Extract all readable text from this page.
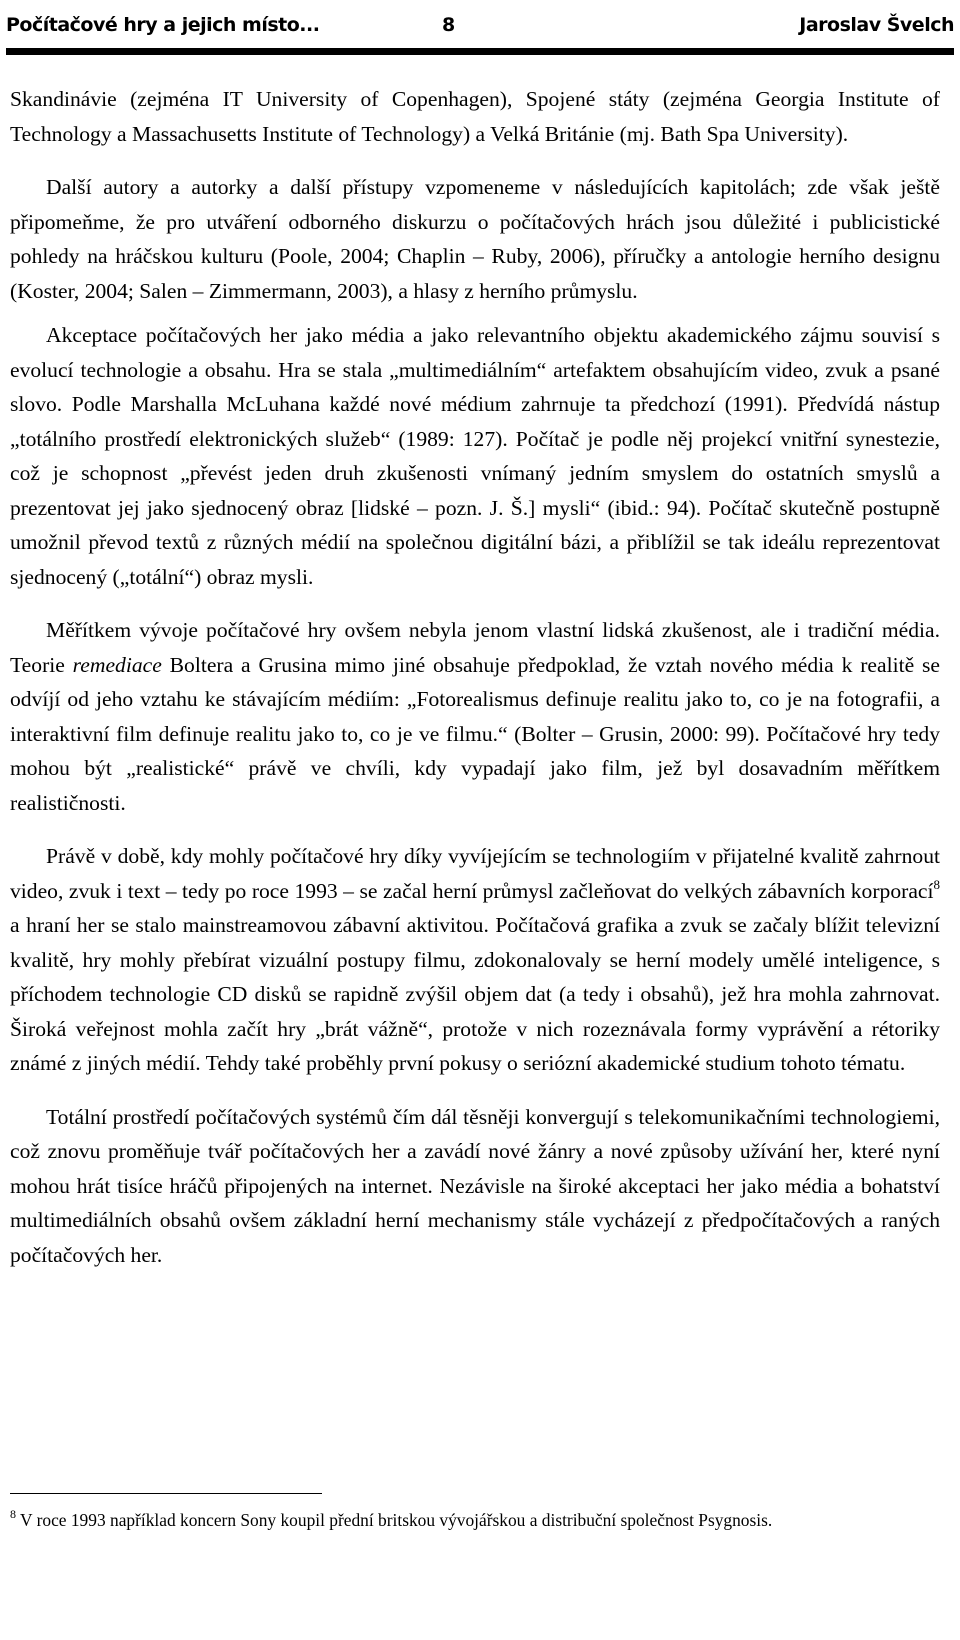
Počítačové hry a jejich místo...	8	Jaroslav Švelch

Skandinávie (zejména IT University of Copenhagen), Spojené státy (zejména Georgia Institute of Technology a Massachusetts Institute of Technology) a Velká Británie (mj. Bath Spa University).

Další autory a autorky a další přístupy vzpomeneme v následujících kapitolách; zde však ještě připomeňme, že pro utváření odborného diskurzu o počítačových hrách jsou důležité i publicistické pohledy na hráčskou kulturu (Poole, 2004; Chaplin – Ruby, 2006), příručky a antologie herního designu (Koster, 2004; Salen – Zimmermann, 2003), a hlasy z herního průmyslu.

Akceptace počítačových her jako média a jako relevantního objektu akademického zájmu souvisí s evolucí technologie a obsahu. Hra se stala „multimediálním“ artefaktem obsahujícím video, zvuk a psané slovo. Podle Marshalla McLuhana každé nové médium zahrnuje ta předchozí (1991). Předvídá nástup „totálního prostředí elektronických služeb“ (1989: 127). Počítač je podle něj projekcí vnitřní synestezie, což je schopnost „převést jeden druh zkušenosti vnímaný jedním smyslem do ostatních smyslů a prezentovat jej jako sjednocený obraz [lidské – pozn. J. Š.] mysli“ (ibid.: 94). Počítač skutečně postupně umožnil převod textů z různých médií na společnou digitální bázi, a přiblížil se tak ideálu reprezentovat sjednocený („totální“) obraz mysli.

Měřítkem vývoje počítačové hry ovšem nebyla jenom vlastní lidská zkušenost, ale i tradiční média. Teorie remediace Boltera a Grusina mimo jiné obsahuje předpoklad, že vztah nového média k realitě se odvíjí od jeho vztahu ke stávajícím médiím: „Fotorealismus definuje realitu jako to, co je na fotografii, a interaktivní film definuje realitu jako to, co je ve filmu.“ (Bolter – Grusin, 2000: 99). Počítačové hry tedy mohou být „realistické“ právě ve chvíli, kdy vypadají jako film, jež byl dosavadním měřítkem realističnosti.

Právě v době, kdy mohly počítačové hry díky vyvíjejícím se technologiím v přijatelné kvalitě zahrnout video, zvuk i text – tedy po roce 1993 – se začal herní průmysl začleňovat do velkých zábavních korporací$^8$ a hraní her se stalo mainstreamovou zábavní aktivitou. Počítačová grafika a zvuk se začaly blížit televizní kvalitě, hry mohly přebírat vizuální postupy filmu, zdokonalovaly se herní modely umělé inteligence, s příchodem technologie CD disků se rapidně zvýšil objem dat (a tedy i obsahů), jež hra mohla zahrnovat. Široká veřejnost mohla začít hry „brát vážně“, protože v nich rozeznávala formy vyprávění a rétoriky známé z jiných médií. Tehdy také proběhly první pokusy o seriózní akademické studium tohoto tématu.

Totální prostředí počítačových systémů čím dál těsněji konvergují s telekomunikačními technologiemi, což znovu proměňuje tvář počítačových her a zavádí nové žánry a nové způsoby užívání her, které nyní mohou hrát tisíce hráčů připojených na internet. Nezávisle na široké akceptaci her jako média a bohatství multimediálních obsahů ovšem základní herní mechanismy stále vycházejí z předpočítačových a raných počítačových her.

$^8$ V roce 1993 například koncern Sony koupil přední britskou vývojářskou a distribuční společnost Psygnosis.
